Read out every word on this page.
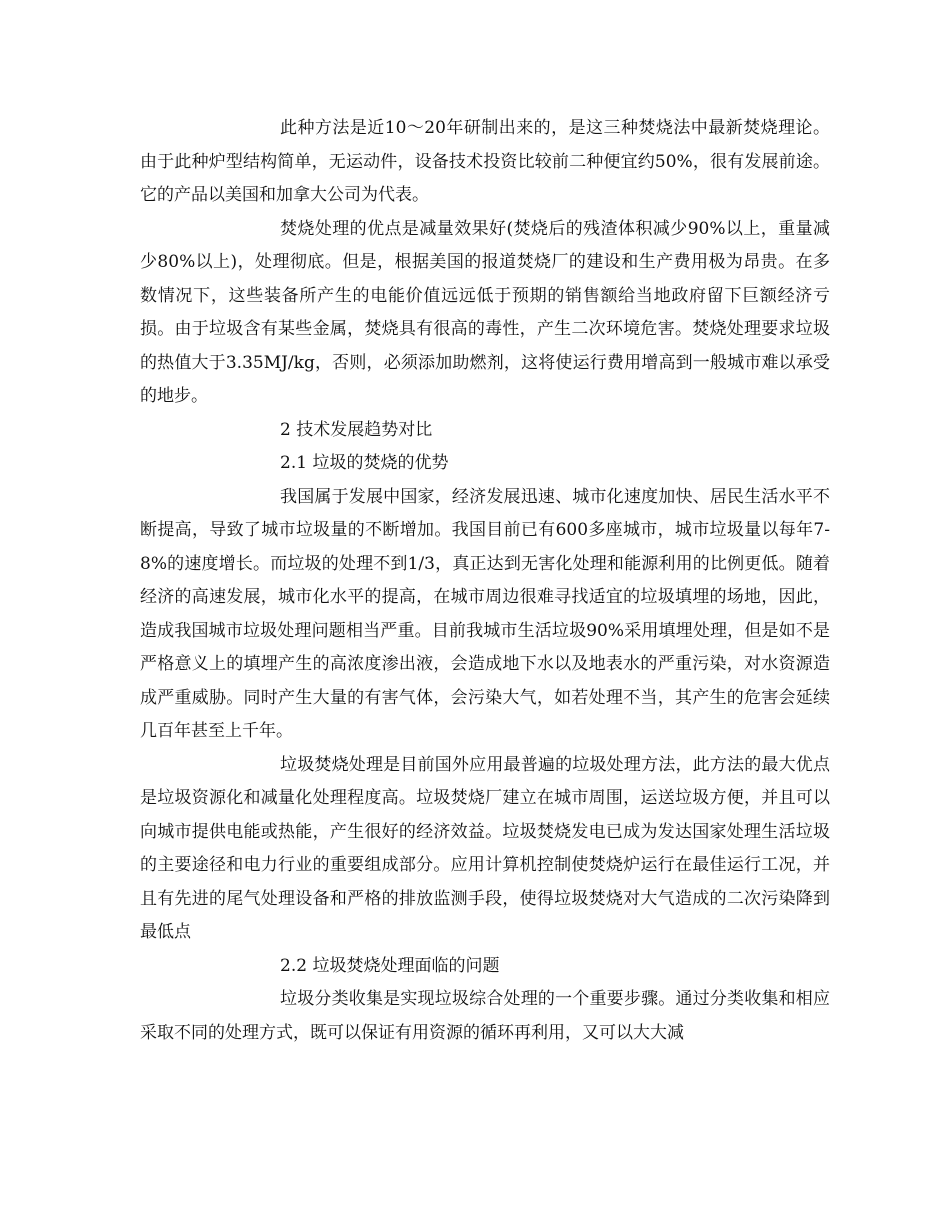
此种方法是近10～20年研制出来的，是这三种焚烧法中最新焚烧理论。由于此种炉型结构简单，无运动件，设备技术投资比较前二种便宜约50%，很有发展前途。它的产品以美国和加拿大公司为代表。

焚烧处理的优点是减量效果好(焚烧后的残渣体积减少90%以上，重量减少80%以上)，处理彻底。但是，根据美国的报道焚烧厂的建设和生产费用极为昂贵。在多数情况下，这些装备所产生的电能价值远远低于预期的销售额给当地政府留下巨额经济亏损。由于垃圾含有某些金属，焚烧具有很高的毒性，产生二次环境危害。焚烧处理要求垃圾的热值大于3.35MJ/kg，否则，必须添加助燃剂，这将使运行费用增高到一般城市难以承受的地步。

2 技术发展趋势对比

2.1 垃圾的焚烧的优势

我国属于发展中国家，经济发展迅速、城市化速度加快、居民生活水平不断提高，导致了城市垃圾量的不断增加。我国目前已有600多座城市，城市垃圾量以每年7-8%的速度增长。而垃圾的处理不到1/3，真正达到无害化处理和能源利用的比例更低。随着经济的高速发展，城市化水平的提高，在城市周边很难寻找适宜的垃圾填埋的场地，因此，造成我国城市垃圾处理问题相当严重。目前我城市生活垃圾90%采用填埋处理，但是如不是严格意义上的填埋产生的高浓度渗出液，会造成地下水以及地表水的严重污染，对水资源造成严重威胁。同时产生大量的有害气体，会污染大气，如若处理不当，其产生的危害会延续几百年甚至上千年。

垃圾焚烧处理是目前国外应用最普遍的垃圾处理方法，此方法的最大优点是垃圾资源化和减量化处理程度高。垃圾焚烧厂建立在城市周围，运送垃圾方便，并且可以向城市提供电能或热能，产生很好的经济效益。垃圾焚烧发电已成为发达国家处理生活垃圾的主要途径和电力行业的重要组成部分。应用计算机控制使焚烧炉运行在最佳运行工况，并且有先进的尾气处理设备和严格的排放监测手段，使得垃圾焚烧对大气造成的二次污染降到最低点

2.2 垃圾焚烧处理面临的问题

垃圾分类收集是实现垃圾综合处理的一个重要步骤。通过分类收集和相应采取不同的处理方式，既可以保证有用资源的循环再利用，又可以大大减
